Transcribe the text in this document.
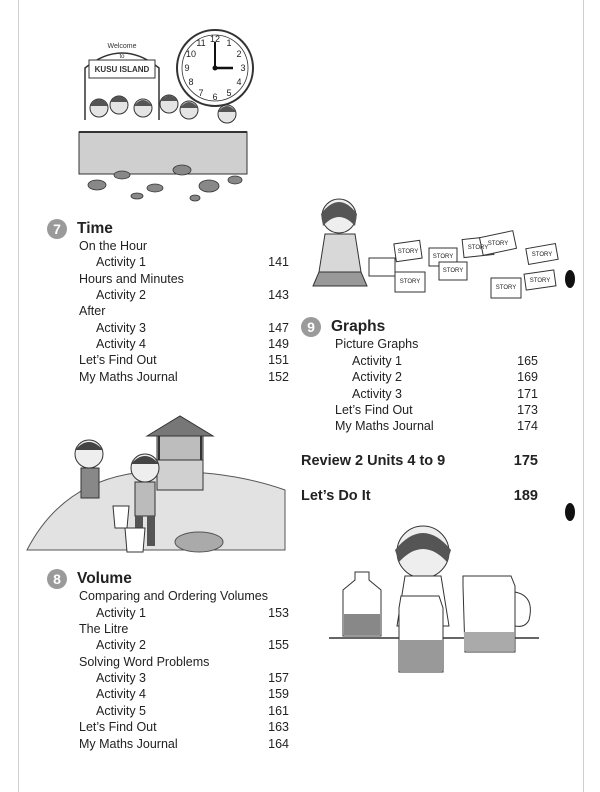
Welcome
to
KUSU ISLAND
12 1
2
3
4
5
6
7
8
9
10
11
7	Time
On the Hour
Activity 1	141
Hours and Minutes
Activity 2	143
After
Activity 3	147
Activity 4	149
Let’s Find Out	151
My Maths Journal	152
8	Volume
Comparing and Ordering Volumes
Activity 1	153
The Litre
Activity 2	155
Solving Word Problems
Activity 3	157
Activity 4	159
Activity 5	161
Let’s Find Out	163
My Maths Journal	164
STORY
STORY
STORY
STORY
STORY
STORY
STORY
STORY
STORY
9	Graphs
Picture Graphs
Activity 1	165
Activity 2	169
Activity 3	171
Let’s Find Out	173
My Maths Journal	174
Review 2 Units 4 to 9	175
Let’s Do It	189
